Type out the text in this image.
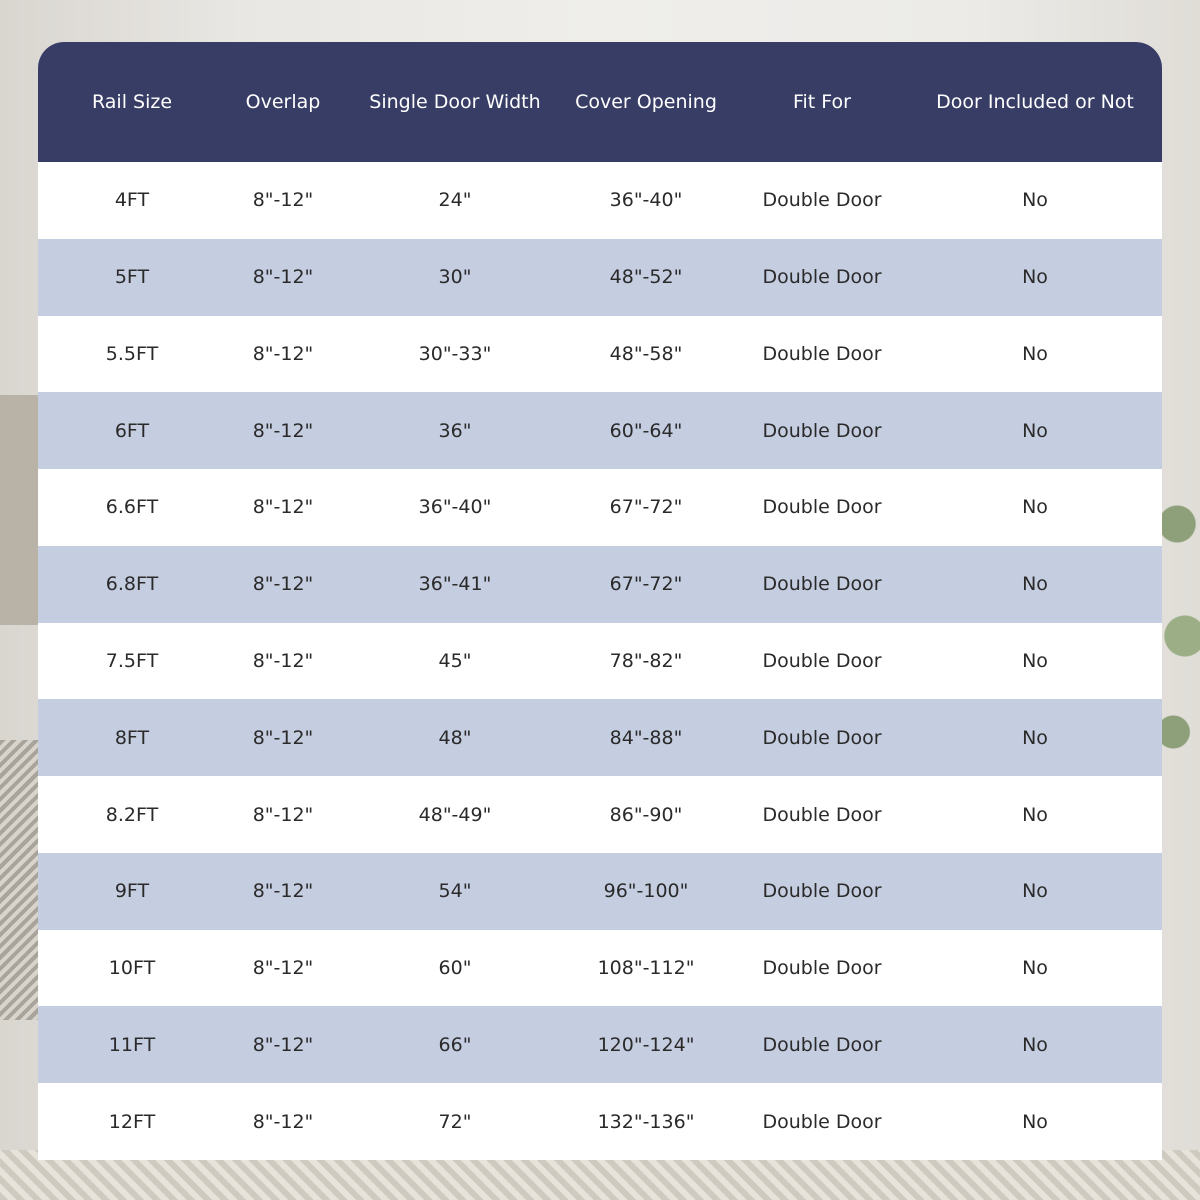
Rail Size	Overlap	Single Door Width	Cover Opening	Fit For	Door Included or Not
4FT	8"-12"	24"	36"-40"	Double Door	No
5FT	8"-12"	30"	48"-52"	Double Door	No
5.5FT	8"-12"	30"-33"	48"-58"	Double Door	No
6FT	8"-12"	36"	60"-64"	Double Door	No
6.6FT	8"-12"	36"-40"	67"-72"	Double Door	No
6.8FT	8"-12"	36"-41"	67"-72"	Double Door	No
7.5FT	8"-12"	45"	78"-82"	Double Door	No
8FT	8"-12"	48"	84"-88"	Double Door	No
8.2FT	8"-12"	48"-49"	86"-90"	Double Door	No
9FT	8"-12"	54"	96"-100"	Double Door	No
10FT	8"-12"	60"	108"-112"	Double Door	No
11FT	8"-12"	66"	120"-124"	Double Door	No
12FT	8"-12"	72"	132"-136"	Double Door	No
